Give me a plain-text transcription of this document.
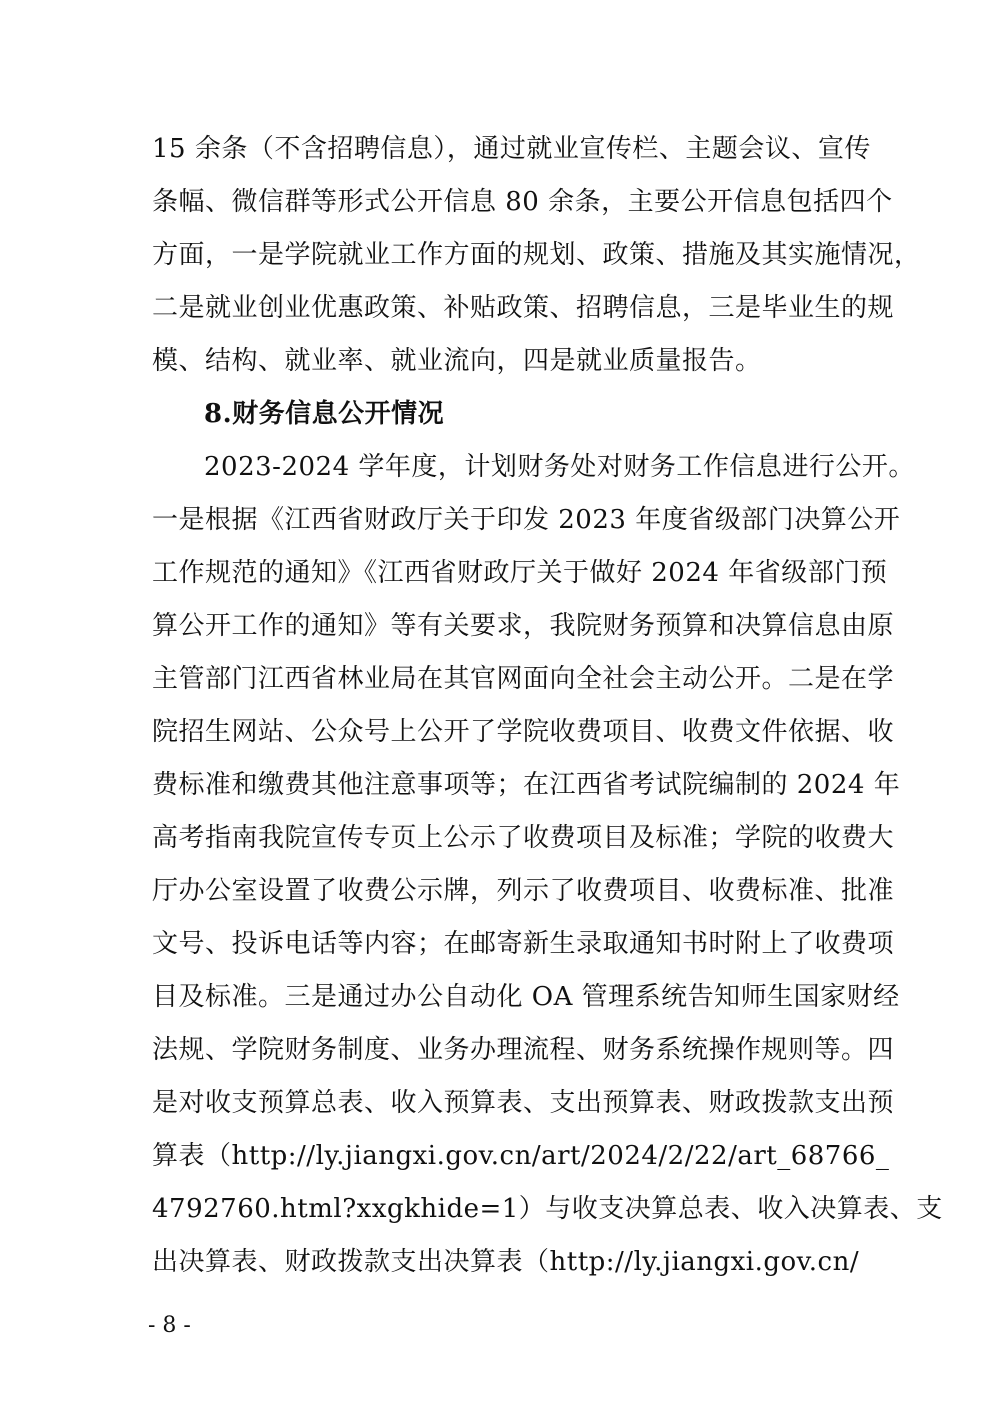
15 余条（不含招聘信息），通过就业宣传栏、主题会议、宣传
条幅、微信群等形式公开信息 80 余条，主要公开信息包括四个
方面，一是学院就业工作方面的规划、政策、措施及其实施情况，
二是就业创业优惠政策、补贴政策、招聘信息，三是毕业生的规
模、结构、就业率、就业流向，四是就业质量报告。
8.财务信息公开情况
2023-2024 学年度，计划财务处对财务工作信息进行公开。
一是根据《江西省财政厅关于印发 2023 年度省级部门决算公开
工作规范的通知》《江西省财政厅关于做好 2024 年省级部门预
算公开工作的通知》等有关要求，我院财务预算和决算信息由原
主管部门江西省林业局在其官网面向全社会主动公开。二是在学
院招生网站、公众号上公开了学院收费项目、收费文件依据、收
费标准和缴费其他注意事项等；在江西省考试院编制的 2024 年
高考指南我院宣传专页上公示了收费项目及标准；学院的收费大
厅办公室设置了收费公示牌，列示了收费项目、收费标准、批准
文号、投诉电话等内容；在邮寄新生录取通知书时附上了收费项
目及标准。三是通过办公自动化 OA 管理系统告知师生国家财经
法规、学院财务制度、业务办理流程、财务系统操作规则等。四
是对收支预算总表、收入预算表、支出预算表、财政拨款支出预
算表（http://ly.jiangxi.gov.cn/art/2024/2/22/art_68766_
4792760.html?xxgkhide=1）与收支决算总表、收入决算表、支
出决算表、财政拨款支出决算表（http://ly.jiangxi.gov.cn/
- 8 -
